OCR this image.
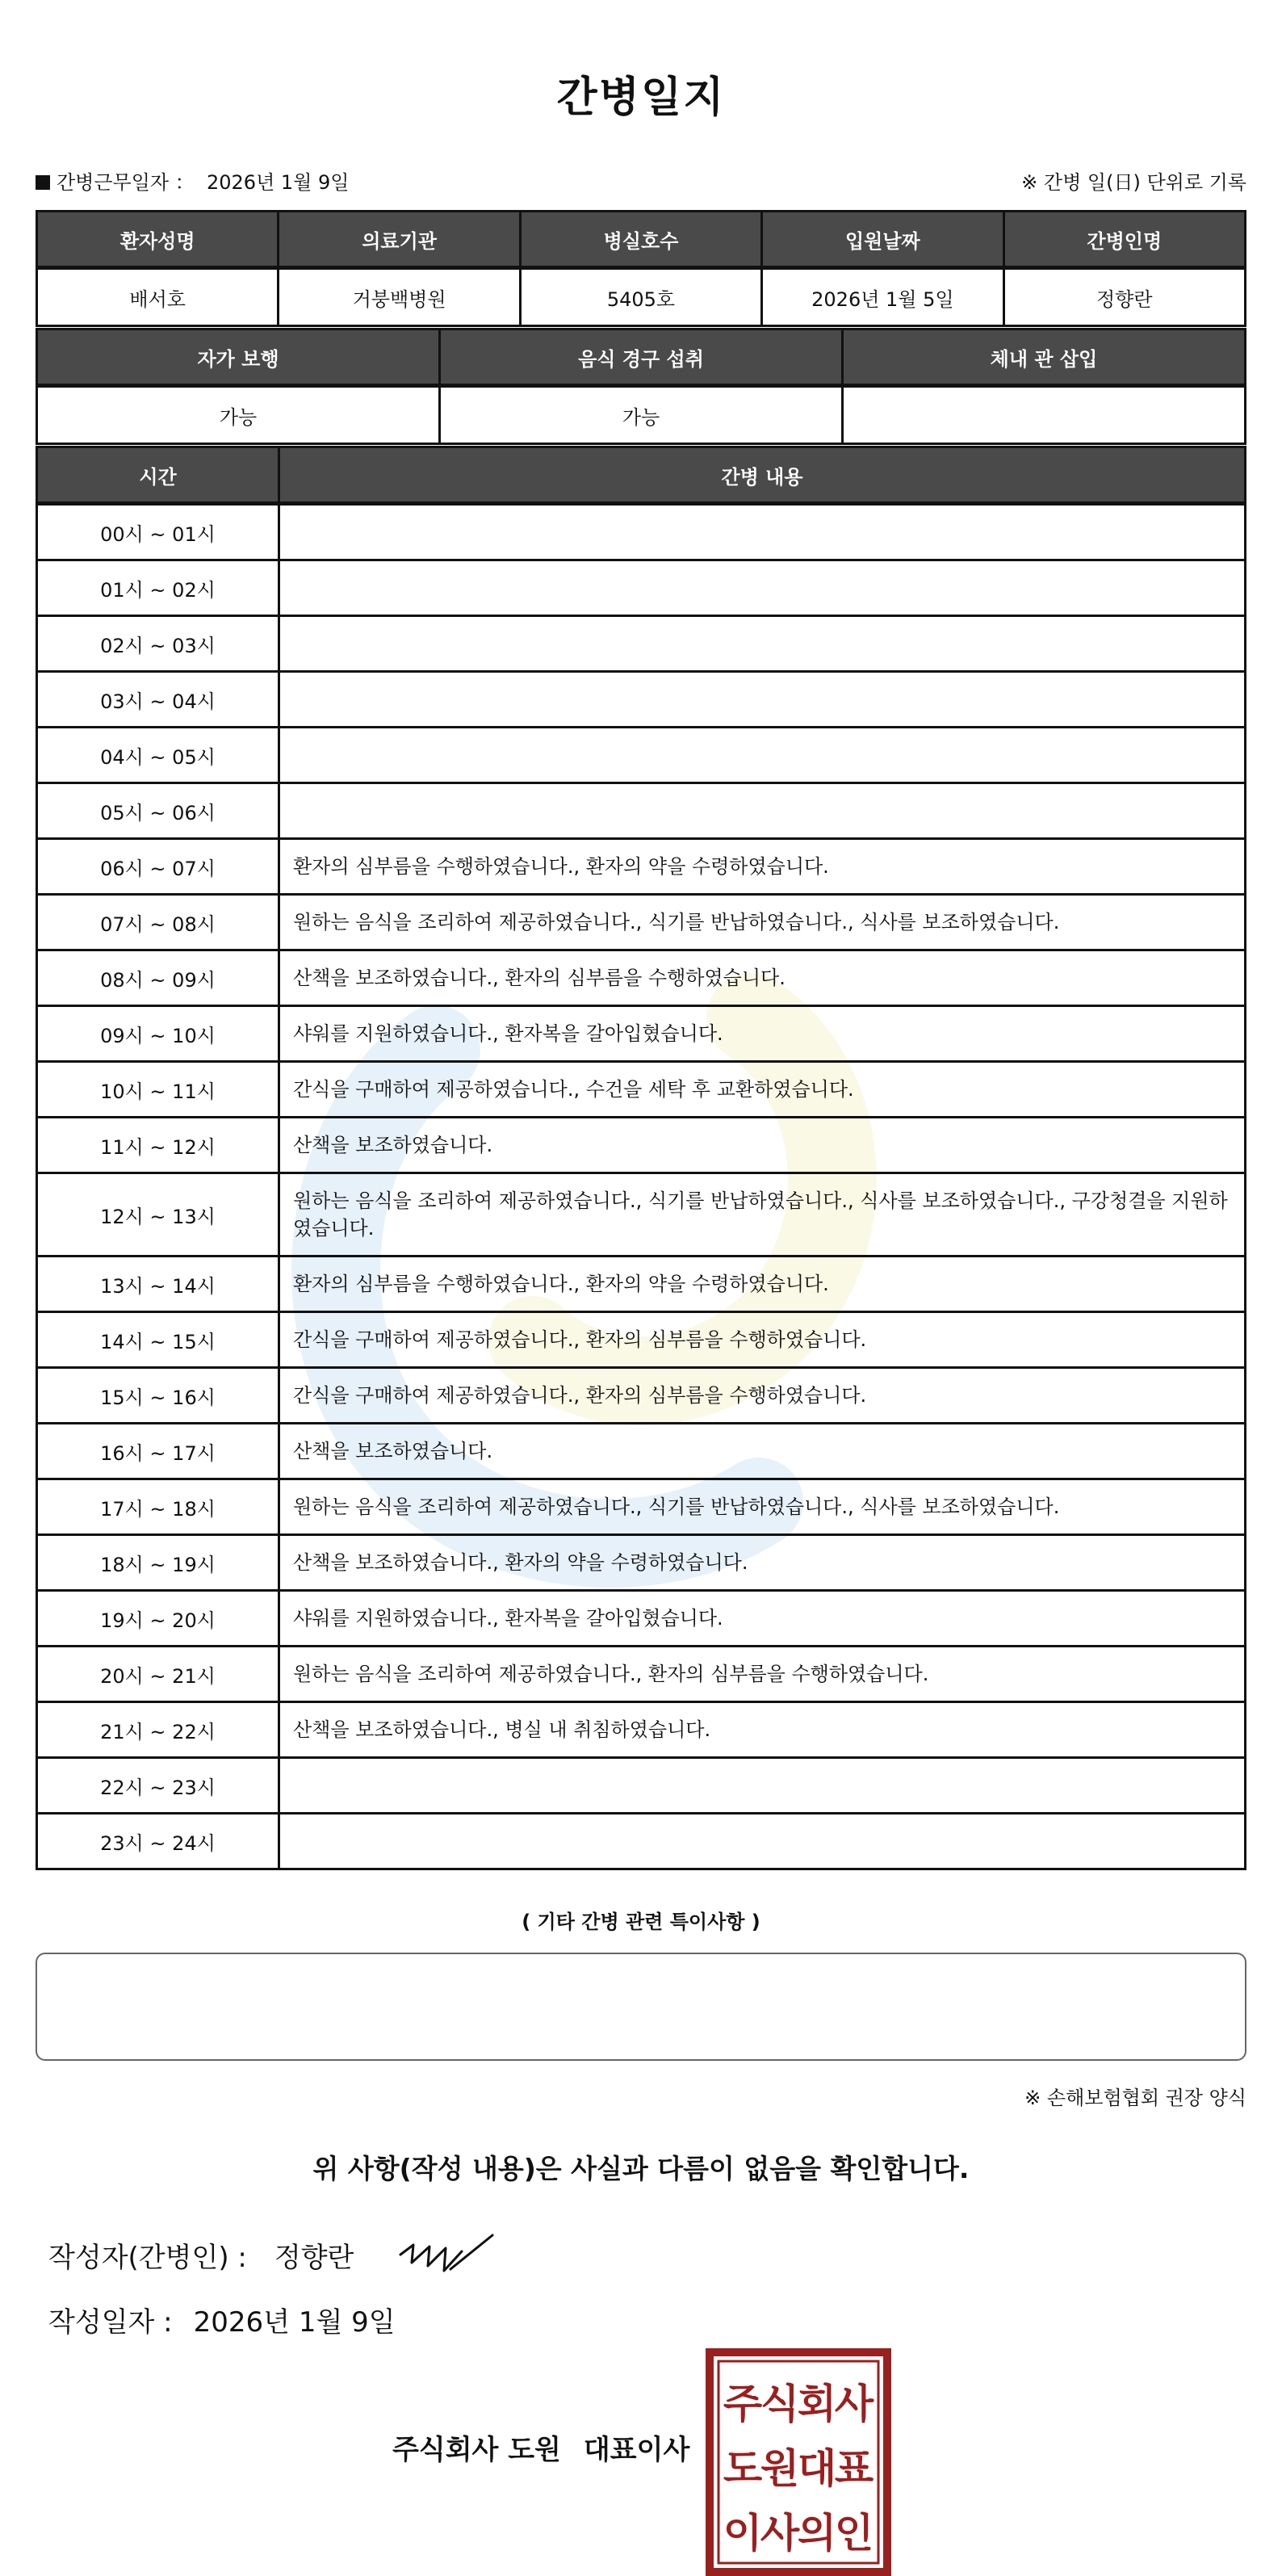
간병일지
간병근무일자 ： 2026년 1월 9일	※ 간병 일(日) 단위로 기록
환자성명	의료기관	병실호수	입원날짜	간병인명
배서호	거붕백병원	5405호	2026년 1월 5일	정향란
자가 보행	음식 경구 섭취	체내 관 삽입
가능	가능	
시간	간병 내용
00시 ~ 01시	
01시 ~ 02시	
02시 ~ 03시	
03시 ~ 04시	
04시 ~ 05시	
05시 ~ 06시	
06시 ~ 07시	환자의 심부름을 수행하였습니다., 환자의 약을 수령하였습니다.
07시 ~ 08시	원하는 음식을 조리하여 제공하였습니다., 식기를 반납하였습니다., 식사를 보조하였습니다.
08시 ~ 09시	산책을 보조하였습니다., 환자의 심부름을 수행하였습니다.
09시 ~ 10시	샤워를 지원하였습니다., 환자복을 갈아입혔습니다.
10시 ~ 11시	간식을 구매하여 제공하였습니다., 수건을 세탁 후 교환하였습니다.
11시 ~ 12시	산책을 보조하였습니다.
12시 ~ 13시	원하는 음식을 조리하여 제공하였습니다., 식기를 반납하였습니다., 식사를 보조하였습니다., 구강청결을 지원하였습니다.
13시 ~ 14시	환자의 심부름을 수행하였습니다., 환자의 약을 수령하였습니다.
14시 ~ 15시	간식을 구매하여 제공하였습니다., 환자의 심부름을 수행하였습니다.
15시 ~ 16시	간식을 구매하여 제공하였습니다., 환자의 심부름을 수행하였습니다.
16시 ~ 17시	산책을 보조하였습니다.
17시 ~ 18시	원하는 음식을 조리하여 제공하였습니다., 식기를 반납하였습니다., 식사를 보조하였습니다.
18시 ~ 19시	산책을 보조하였습니다., 환자의 약을 수령하였습니다.
19시 ~ 20시	샤워를 지원하였습니다., 환자복을 갈아입혔습니다.
20시 ~ 21시	원하는 음식을 조리하여 제공하였습니다., 환자의 심부름을 수행하였습니다.
21시 ~ 22시	산책을 보조하였습니다., 병실 내 취침하였습니다.
22시 ~ 23시	
23시 ~ 24시	
( 기타 간병 관련 특이사항 )
※ 손해보험협회 권장 양식
위 사항(작성 내용)은 사실과 다름이 없음을 확인합니다.
작성자(간병인) : 정향란
작성일자 : 2026년 1월 9일
주식회사 도원 대표이사
주
식
회
사
도
원
대
표
이
사
의
인
